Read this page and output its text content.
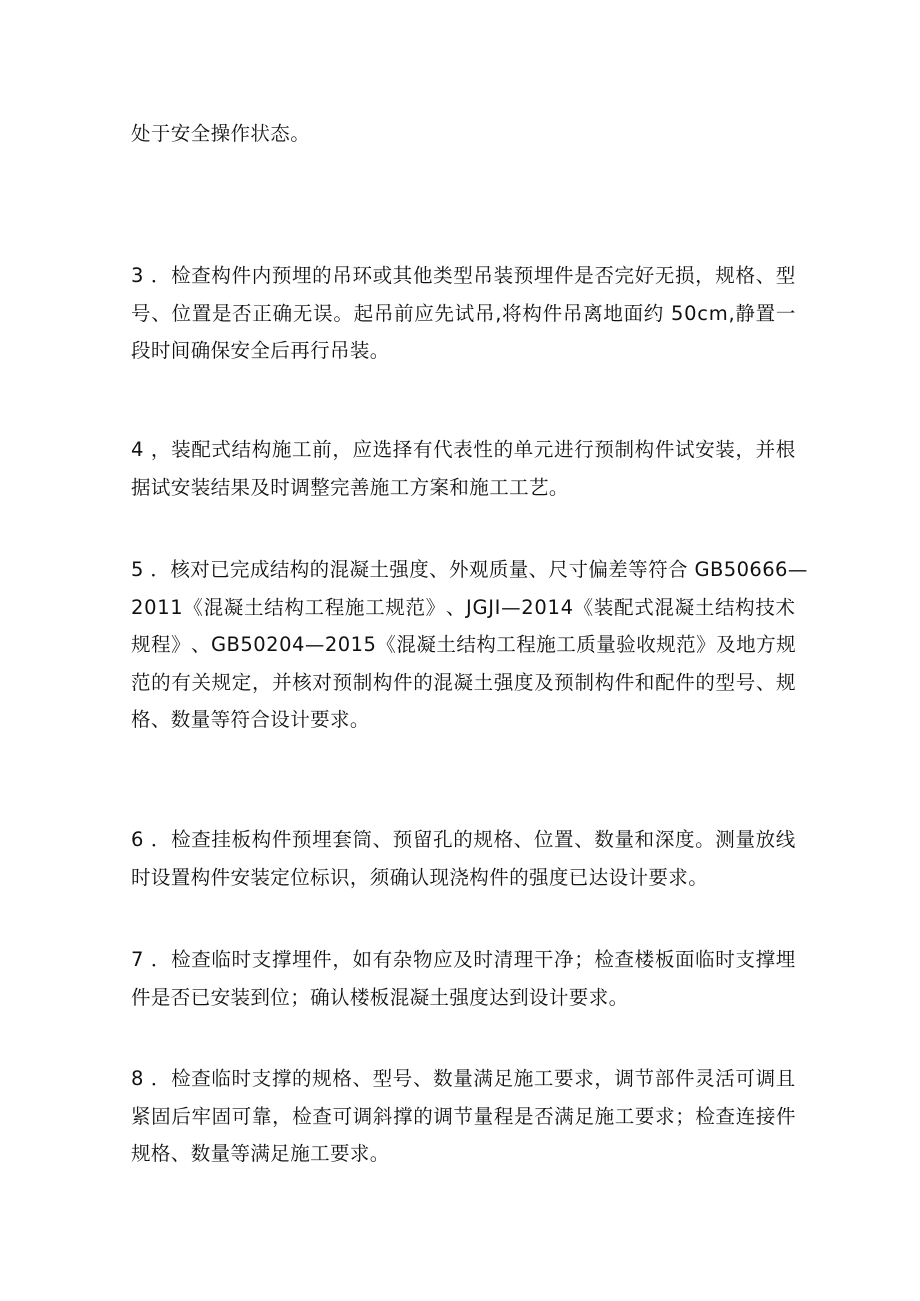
处于安全操作状态。

3
． 检 查 构 件 内 预 埋 的 吊 环 或 其 他 类 型 吊 装 预 埋 件 是 否 完 好 无 损 ， 规 格 、 型
号 、 位 置 是 否 正 确 无 误 。 起 吊 前 应 先 试 吊 , 将 构 件 吊 离 地 面 约
5 0 c m , 静 置 一
段时间确保安全后再行吊装。

4
， 装 配 式 结 构 施 工 前 ， 应 选 择 有 代 表 性 的 单 元 进 行 预 制 构 件 试 安 装 ， 并 根
据试安装结果及时调整完善施工方案和施工工艺。

5
． 核 对 已 完 成 结 构 的 混 凝 土 强 度 、 外 观 质 量 、 尺 寸 偏 差 等 符 合
G B 5 0 6 6 6 —
2 0 1 1 《 混 凝 土 结 构 工 程 施 工 规 范 》 、 J G J I — 2 0 1 4 《 装 配 式 混 凝 土 结 构 技 术
规 程 》 、 G B 5 0 2 0 4 — 2 0 1 5 《 混 凝 土 结 构 工 程 施 工 质 量 验 收 规 范 》 及 地 方 规
范 的 有 关 规 定 ， 并 核 对 预 制 构 件 的 混 凝 土 强 度 及 预 制 构 件 和 配 件 的 型 号 、 规
格、数量等符合设计要求。

6
． 检 查 挂 板 构 件 预 埋 套 筒 、 预 留 孔 的 规 格 、 位 置 、 数 量 和 深 度 。 测 量 放 线
时设置构件安装定位标识，须确认现浇构件的强度已达设计要求。

7
． 检 查 临 时 支 撑 埋 件 ， 如 有 杂 物 应 及 时 清 理 干 净 ； 检 查 楼 板 面 临 时 支 撑 埋
件是否已安装到位；确认楼板混凝土强度达到设计要求。

8
． 检 查 临 时 支 撑 的 规 格 、 型 号 、 数 量 满 足 施 工 要 求 ， 调 节 部 件 灵 活 可 调 且
紧 固 后 牢 固 可 靠 ， 检 查 可 调 斜 撑 的 调 节 量 程 是 否 满 足 施 工 要 求 ； 检 查 连 接 件
规格、数量等满足施工要求。
